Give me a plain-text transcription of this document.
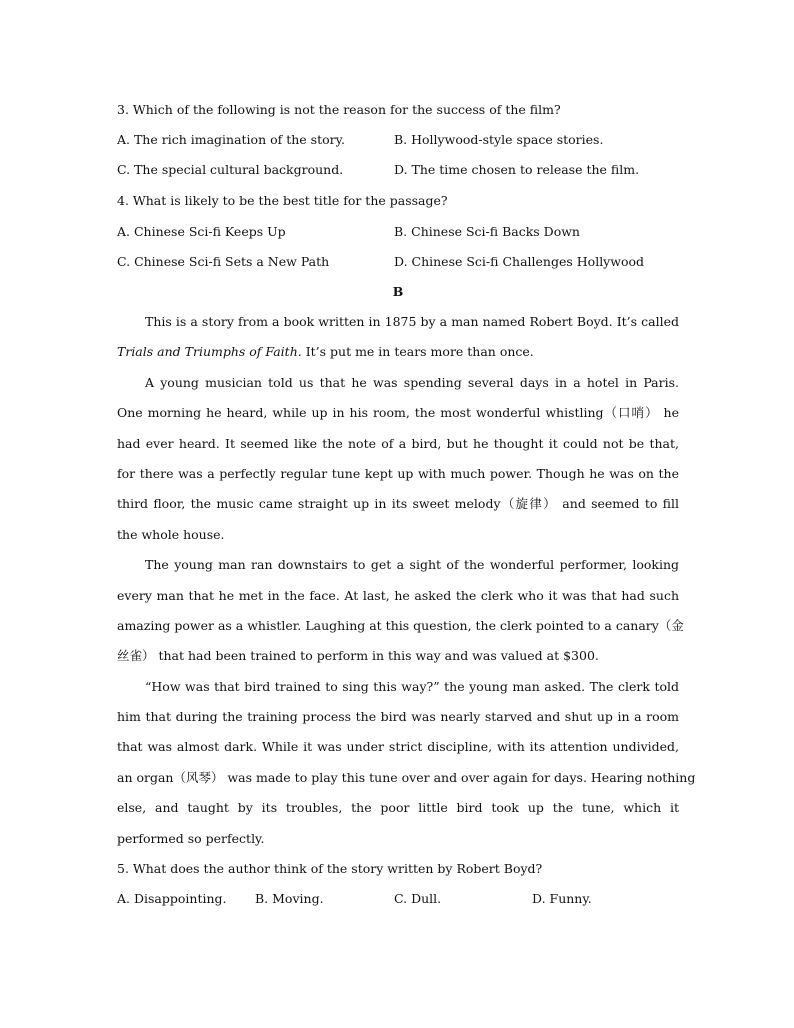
3. Which of the following is not the reason for the success of the film?
A. The rich imagination of the story.	B. Hollywood-style space stories.
C. The special cultural background.	D. The time chosen to release the film.
4. What is likely to be the best title for the passage?
A. Chinese Sci-fi Keeps Up	B. Chinese Sci-fi Backs Down
C. Chinese Sci-fi Sets a New Path	D. Chinese Sci-fi Challenges Hollywood
B
This is a story from a book written in 1875 by a man named Robert Boyd. It’s called
Trials and Triumphs of Faith. It’s put me in tears more than once.
A young musician told us that he was spending several days in a hotel in Paris.
One morning he heard, while up in his room, the most wonderful whistling（口哨） he
had ever heard. It seemed like the note of a bird, but he thought it could not be that,
for there was a perfectly regular tune kept up with much power. Though he was on the
third floor, the music came straight up in its sweet melody（旋律） and seemed to fill
the whole house.
The young man ran downstairs to get a sight of the wonderful performer, looking
every man that he met in the face. At last, he asked the clerk who it was that had such
amazing power as a whistler. Laughing at this question, the clerk pointed to a canary（金
丝雀） that had been trained to perform in this way and was valued at $300.
“How was that bird trained to sing this way?” the young man asked. The clerk told
him that during the training process the bird was nearly starved and shut up in a room
that was almost dark. While it was under strict discipline, with its attention undivided,
an organ（风琴） was made to play this tune over and over again for days. Hearing nothing
else, and taught by its troubles, the poor little bird took up the tune, which it
performed so perfectly.
5. What does the author think of the story written by Robert Boyd?
A. Disappointing. B. Moving.	C. Dull.	D. Funny.
